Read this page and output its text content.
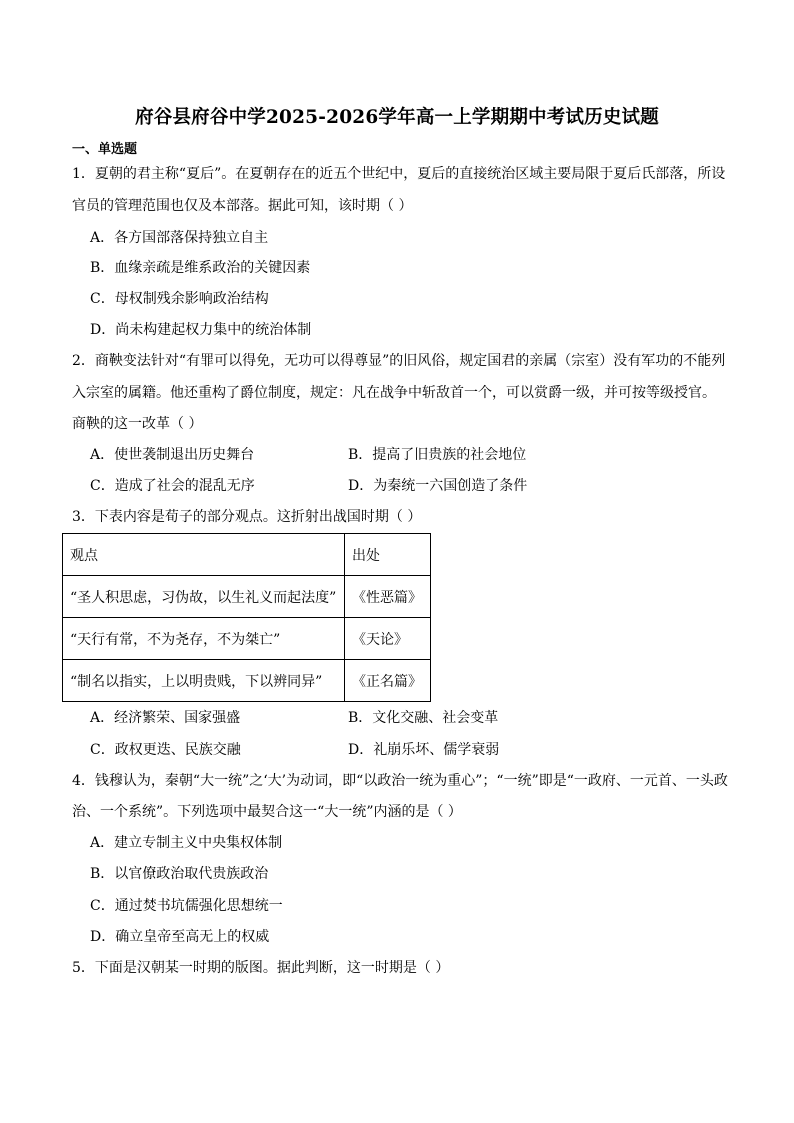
府谷县府谷中学2025-2026学年高一上学期期中考试历史试题
一、单选题
1．夏朝的君主称“夏后”。在夏朝存在的近五个世纪中，夏后的直接统治区域主要局限于夏后氏部落，所设
官员的管理范围也仅及本部落。据此可知，该时期（ ）
A．各方国部落保持独立自主
B．血缘亲疏是维系政治的关键因素
C．母权制残余影响政治结构
D．尚未构建起权力集中的统治体制
2．商鞅变法针对“有罪可以得免，无功可以得尊显”的旧风俗，规定国君的亲属（宗室）没有军功的不能列
入宗室的属籍。他还重构了爵位制度，规定：凡在战争中斩敌首一个，可以赏爵一级，并可按等级授官。
商鞅的这一改革（ ）
A．使世袭制退出历史舞台	B．提高了旧贵族的社会地位
C．造成了社会的混乱无序	D．为秦统一六国创造了条件
3．下表内容是荀子的部分观点。这折射出战国时期（ ）
观点	出处
“圣人积思虑，习伪故，以生礼义而起法度”	《性恶篇》
“天行有常，不为尧存，不为桀亡”	《天论》
“制名以指实，上以明贵贱，下以辨同异”	《正名篇》
A．经济繁荣、国家强盛	B．文化交融、社会变革
C．政权更迭、民族交融	D．礼崩乐坏、儒学衰弱
4．钱穆认为，秦朝“大一统”之‘大’为动词，即“以政治一统为重心”；“一统”即是“一政府、一元首、一头政
治、一个系统”。下列选项中最契合这一“大一统”内涵的是（ ）
A．建立专制主义中央集权体制
B．以官僚政治取代贵族政治
C．通过焚书坑儒强化思想统一
D．确立皇帝至高无上的权威
5．下面是汉朝某一时期的版图。据此判断，这一时期是（ ）
